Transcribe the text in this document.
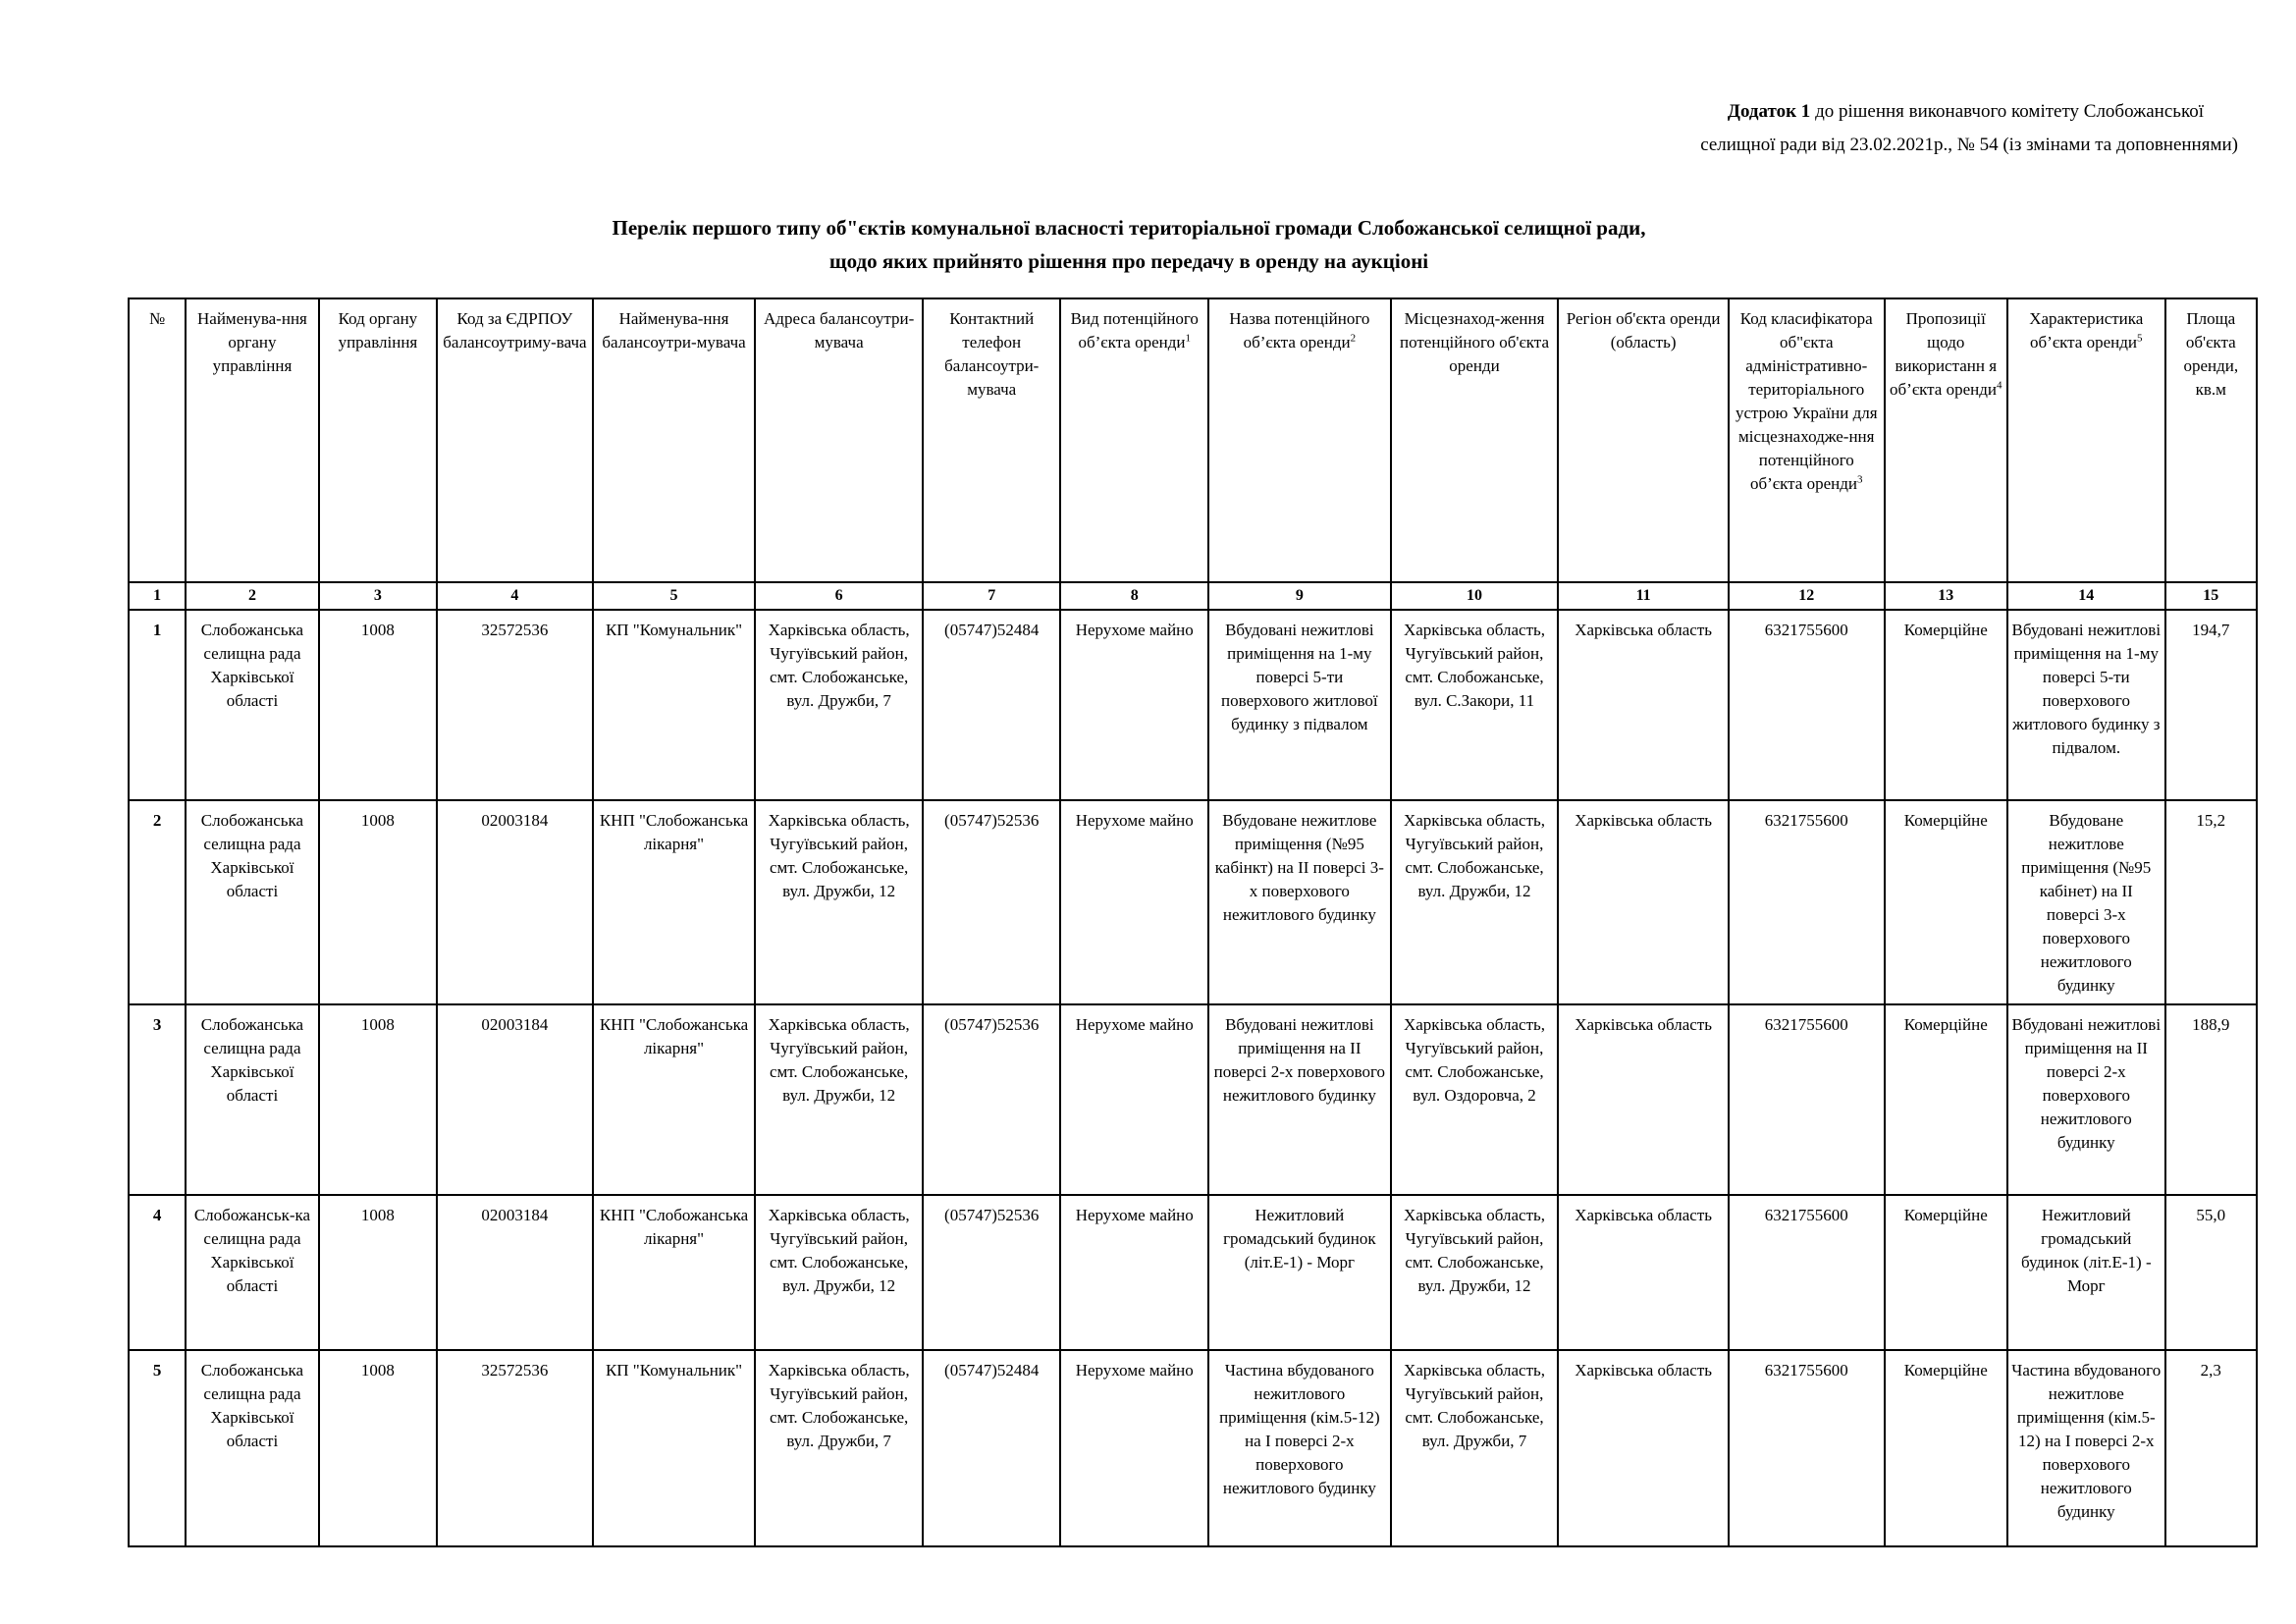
Додаток 1 до рішення виконавчого комітету Слобожанської
селищної ради від 23.02.2021р., № 54 (із змінами та доповненнями)
Перелік першого типу об"єктів комунальної власності територіальної громади Слобожанської селищної ради,
щодо яких прийнято рішення про передачу в оренду на аукціоні
№	Найменува-ння органу управління	Код органу управління	Код за ЄДРПОУ балансоутриму-вача	Найменува-ння балансоутри-мувача	Адреса балансоутри-мувача	Контактний телефон балансоутри-мувача	Вид потенційного об’єкта оренди$^1$	Назва потенційного об’єкта оренди$^2$	Місцезнаход-ження потенційного об'єкта оренди	Регіон об'єкта оренди (область)	Код класифікатора об"єкта адміністративно-територіального устрою України для місцезнаходже-ння потенційного об’єкта оренди$^3$	Пропозиції щодо використанн я об’єкта оренди$^4$	Характеристика об’єкта оренди$^5$	Площа об'єкта оренди, кв.м
1	2	3	4	5	6	7	8	9	10	11	12	13	14	15
1	Слобожанська селищна рада Харківської області	1008	32572536	КП "Комунальник"	Харківська область, Чугуївський район, смт. Слобожанське, вул. Дружби, 7	(05747)52484	Нерухоме майно	Вбудовані нежитлові приміщення на 1-му поверсі 5-ти поверхового житлової будинку з підвалом	Харківська область, Чугуївський район, смт. Слобожанське, вул. С.Закори, 11	Харківська область	6321755600	Комерційне	Вбудовані нежитлові приміщення на 1-му поверсі 5-ти поверхового житлового будинку з підвалом.	194,7
2	Слобожанська селищна рада Харківської області	1008	02003184	КНП "Слобожанська лікарня"	Харківська область, Чугуївський район, смт. Слобожанське, вул. Дружби, 12	(05747)52536	Нерухоме майно	Вбудоване нежитлове приміщення (№95 кабінкт) на II поверсі 3-х поверхового нежитлового будинку	Харківська область, Чугуївський район, смт. Слобожанське, вул. Дружби, 12	Харківська область	6321755600	Комерційне	Вбудоване нежитлове приміщення (№95 кабінет) на II поверсі 3-х поверхового нежитлового будинку	15,2
3	Слобожанська селищна рада Харківської області	1008	02003184	КНП "Слобожанська лікарня"	Харківська область, Чугуївський район, смт. Слобожанське, вул. Дружби, 12	(05747)52536	Нерухоме майно	Вбудовані нежитлові приміщення на II поверсі 2-х поверхового нежитлового будинку	Харківська область, Чугуївський район, смт. Слобожанське, вул. Оздоровча, 2	Харківська область	6321755600	Комерційне	Вбудовані нежитлові приміщення на II поверсі 2-х поверхового нежитлового будинку	188,9
4	Слобожанськ-ка селищна рада Харківської області	1008	02003184	КНП "Слобожанська лікарня"	Харківська область, Чугуївський район, смт. Слобожанське, вул. Дружби, 12	(05747)52536	Нерухоме майно	Нежитловий громадський будинок (літ.Е-1) - Морг	Харківська область, Чугуївський район, смт. Слобожанське, вул. Дружби, 12	Харківська область	6321755600	Комерційне	Нежитловий громадський будинок (літ.Е-1) - Морг	55,0
5	Слобожанська селищна рада Харківської області	1008	32572536	КП "Комунальник"	Харківська область, Чугуївський район, смт. Слобожанське, вул. Дружби, 7	(05747)52484	Нерухоме майно	Частина вбудованого нежитлового приміщення (кім.5-12) на I поверсі 2-х поверхового нежитлового будинку	Харківська область, Чугуївський район, смт. Слобожанське, вул. Дружби, 7	Харківська область	6321755600	Комерційне	Частина вбудованого нежитлове приміщення (кім.5-12) на I поверсі 2-х поверхового нежитлового будинку	2,3
